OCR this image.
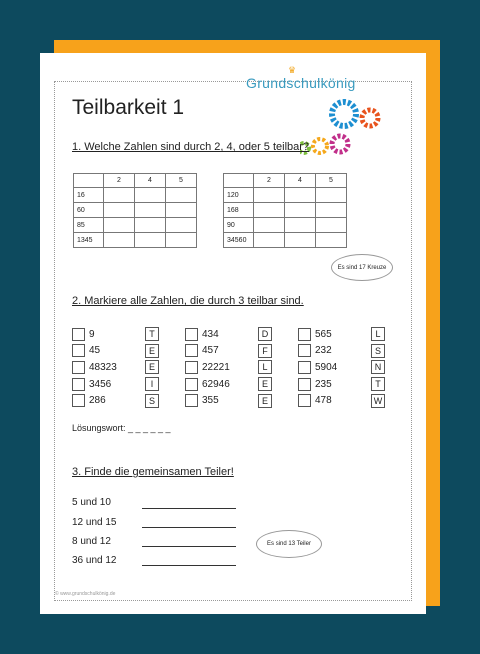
♛
Grundschulkönig
Teilbarkeit 1
1. Welche Zahlen sind durch 2, 4, oder 5 teilbar?
	2	4	5
16			
60			
85			
1345			
	2	4	5
120			
168			
90			
34560			
Es sind 17 Kreuze
2. Markiere alle Zahlen, die durch 3 teilbar sind.
9	T
45	E
48323	E
3456	I
286	S
434	D
457	F
22221	L
62946	E
355	E
565	L
232	S
5904	N
235	T
478	W
Lösungswort: _ _ _ _ _ _
3. Finde die gemeinsamen Teiler!
5 und 10
12 und 15
8 und 12
36 und 12
Es sind 13 Teiler
© www.grundschulkönig.de
